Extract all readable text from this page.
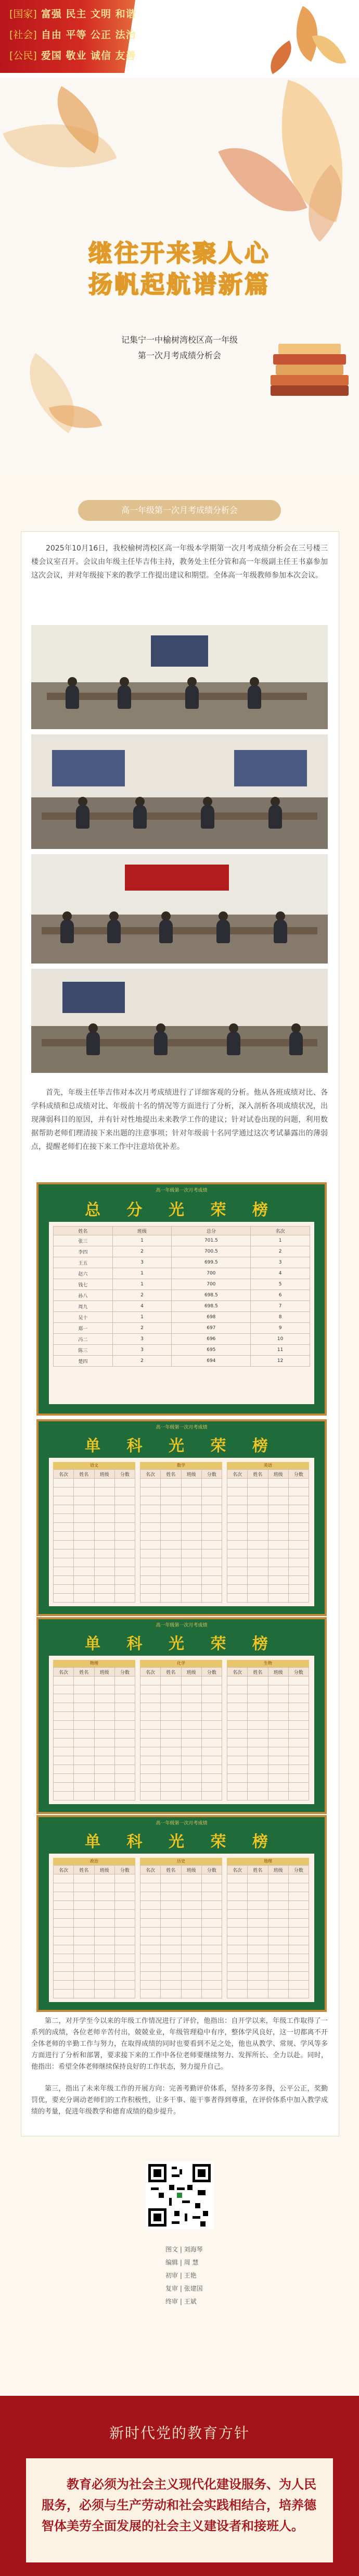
[国家] 富强 民主 文明 和谐
[社会] 自由 平等 公正 法治
[公民] 爱国 敬业 诚信 友善
继往开来聚人心
扬帆起航谱新篇
记集宁一中榆树湾校区高一年级
第一次月考成绩分析会
高一年级第一次月考成绩分析会
2025年10月16日，我校榆树湾校区高一年级本学期第一次月考成绩分析会在三号楼三楼会议室召开。会议由年级主任毕吉伟主持，教务处主任分管和高一年级副主任王书嘉参加这次会议，并对年级接下来的教学工作提出建议和期望。全体高一年级教师参加本次会议。
首先，年级主任毕吉伟对本次月考成绩进行了详细客观的分析。他从各班成绩对比、各学科成绩和总成绩对比、年级前十名的情况等方面进行了分析，深入剖析各项成绩状况，出现薄弱科目的原因，并有针对性地提出未来教学工作的建议；针对试卷出现的问题，利用数据帮助老师们理清接下来出题的注意事项；针对年级前十名同学通过这次考试暴露出的薄弱点，提醒老师们在接下来工作中注意培优补差。
高一年级第一次月考成绩
总 分 光 荣 榜
姓名	班级	总分	名次
张三	1	701.5	1
李四	2	700.5	2
王五	3	699.5	3
赵六	1	700	4
钱七	1	700	5
孙八	2	698.5	6
周九	4	698.5	7
吴十	1	698	8
郑一	2	697	9
冯二	3	696	10
陈三	3	695	11
楚四	2	694	12
高一年级第一次月考成绩
单 科 光 荣 榜
语文
名次	姓名	班级	分数

数学
名次	姓名	班级	分数

英语
名次	姓名	班级	分数

高一年级第一次月考成绩
单 科 光 荣 榜
物理
名次	姓名	班级	分数

化学
名次	姓名	班级	分数

生物
名次	姓名	班级	分数

高一年级第一次月考成绩
单 科 光 荣 榜
政治
名次	姓名	班级	分数

历史
名次	姓名	班级	分数

地理
名次	姓名	班级	分数

第二，对开学至今以来的年级工作情况进行了评价，他指出：自开学以来，年级工作取得了一系列的成绩，各位老师辛苦付出，兢兢业业，年级管理稳中有序，整体学风良好，这一切都离不开全体老师的辛勤工作与努力，在取得成绩的同时也要看到不足之处，他也从教学、常规、学风等多方面进行了分析和部署，要求接下来的工作中各位老师要继续努力、发挥所长、全力以赴。同时，他指出：希望全体老师继续保持良好的工作状态，努力提升自己。
第三，指出了未来年级工作的开展方向：完善考勤评价体系，坚持多劳多得，公平公正，奖勤罚优，要充分调动老师们的工作积极性，让多干事、能干事者得到尊重，在评价体系中加入教学成绩的考量，促进年级教学和德育成绩的稳步提升。
图文 | 刘海琴
编辑 | 周 慧
初审 | 王艳
复审 | 张建国
终审 | 王斌
新时代党的教育方针
教育必须为社会主义现代化建设服务、为人民服务，必须与生产劳动和社会实践相结合，培养德智体美劳全面发展的社会主义建设者和接班人。
